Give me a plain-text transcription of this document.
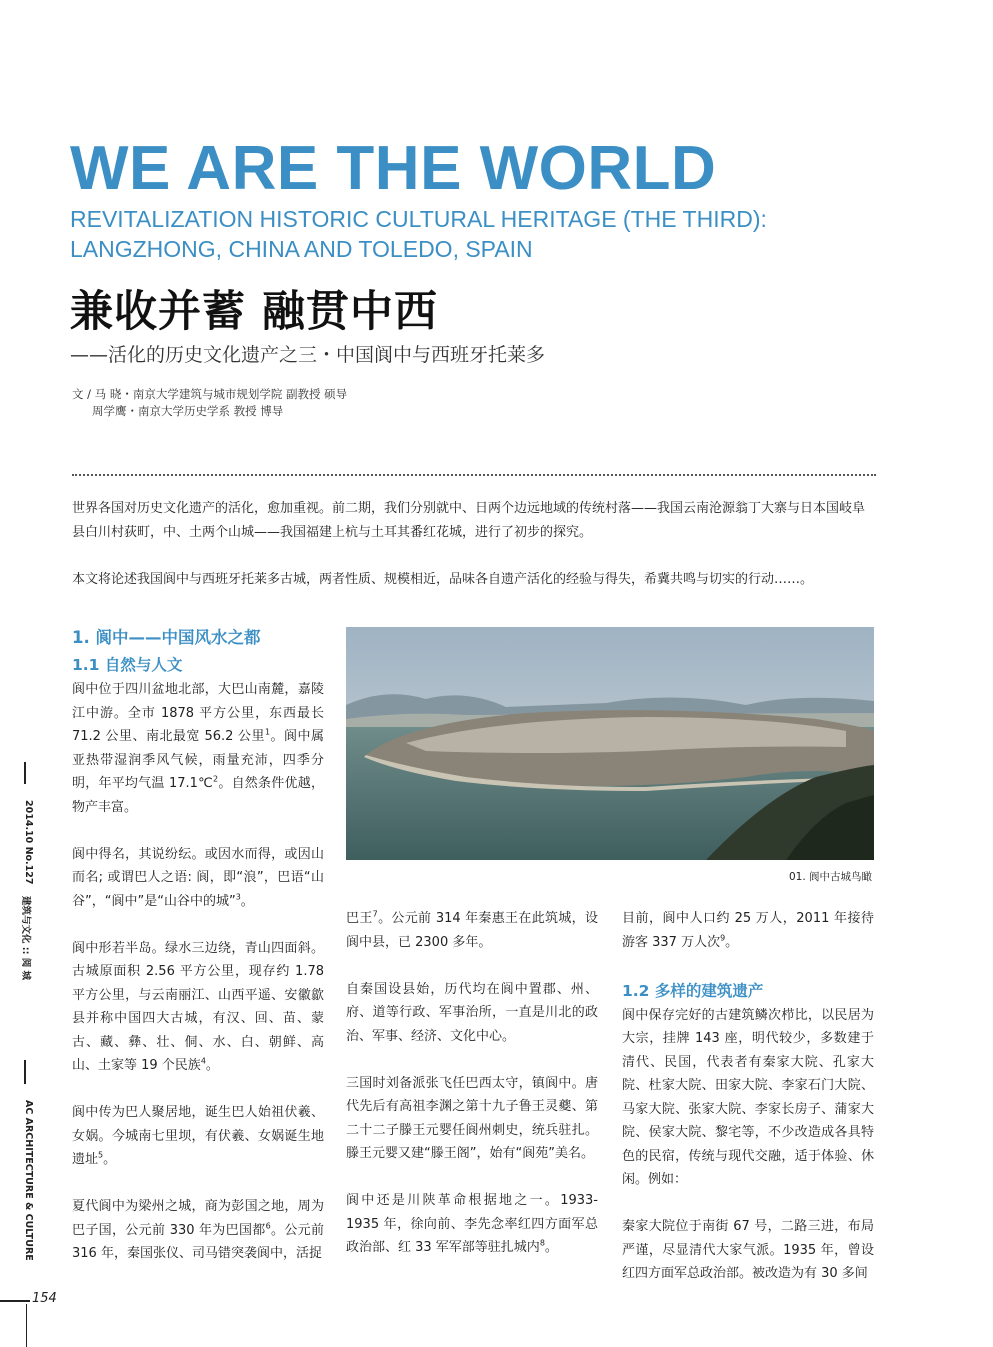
WE ARE THE WORLD
REVITALIZATION HISTORIC CULTURAL HERITAGE (THE THIRD):
LANGZHONG, CHINA AND TOLEDO, SPAIN
兼收并蓄 融贯中西
——活化的历史文化遗产之三・中国阆中与西班牙托莱多
文 / 马 晓・南京大学建筑与城市规划学院 副教授 硕导
周学鹰・南京大学历史学系 教授 博导

世界各国对历史文化遗产的活化，愈加重视。前二期，我们分别就中、日两个边远地域的传统村落——我国云南沧源翁丁大寨与日本国岐阜县白川村荻町，中、土两个山城——我国福建上杭与土耳其番红花城，进行了初步的探究。

本文将论述我国阆中与西班牙托莱多古城，两者性质、规模相近，品味各自遗产活化的经验与得失，希冀共鸣与切实的行动……。

1. 阆中——中国风水之都
1.1 自然与人文

阆中位于四川盆地北部，大巴山南麓，嘉陵江中游。全市 1878 平方公里，东西最长 71.2 公里、南北最宽 56.2 公里$^1$。阆中属亚热带湿润季风气候，雨量充沛，四季分明，年平均气温 17.1℃$^2$。自然条件优越，物产丰富。

阆中得名，其说纷纭。或因水而得，或因山而名; 或谓巴人之语: 阆，即“浪”，巴语“山谷”，“阆中”是“山谷中的城”$^3$。

阆中形若半岛。绿水三边绕，青山四面斜。古城原面积 2.56 平方公里，现存约 1.78 平方公里，与云南丽江、山西平遥、安徽歙县并称中国四大古城，有汉、回、苗、蒙古、藏、彝、壮、侗、水、白、朝鲜、高山、土家等 19 个民族$^4$。

阆中传为巴人聚居地，诞生巴人始祖伏羲、女娲。今城南七里坝，有伏羲、女娲诞生地遗址$^5$。

夏代阆中为梁州之城，商为彭国之地，周为巴子国，公元前 330 年为巴国都$^6$。公元前 316 年，秦国张仪、司马错突袭阆中，活捉

01. 阆中古城鸟瞰

巴王$^7$。公元前 314 年秦惠王在此筑城，设阆中县，已 2300 多年。

自秦国设县始，历代均在阆中置郡、州、府、道等行政、军事治所，一直是川北的政治、军事、经济、文化中心。

三国时刘备派张飞任巴西太守，镇阆中。唐代先后有高祖李渊之第十九子鲁王灵夔、第二十二子滕王元婴任阆州刺史，统兵驻扎。滕王元婴又建“滕王阁”，始有“阆苑”美名。

阆中还是川陕革命根据地之一。1933-1935 年，徐向前、李先念率红四方面军总政治部、红 33 军军部等驻扎城内$^8$。

目前，阆中人口约 25 万人，2011 年接待游客 337 万人次$^9$。

1.2 多样的建筑遗产

阆中保存完好的古建筑鳞次栉比，以民居为大宗，挂牌 143 座，明代较少，多数建于清代、民国，代表者有秦家大院、孔家大院、杜家大院、田家大院、李家石门大院、马家大院、张家大院、李家长房子、蒲家大院、侯家大院、黎宅等，不少改造成各具特色的民宿，传统与现代交融，适于体验、休闲。例如：

秦家大院位于南街 67 号，二路三进，布局严谨，尽显清代大家气派。1935 年，曾设红四方面军总政治部。被改造为有 30 多间

2014.10 No.127
建筑与文化 :: 阅 城
AC ARCHITECTURE & CULTURE
154
